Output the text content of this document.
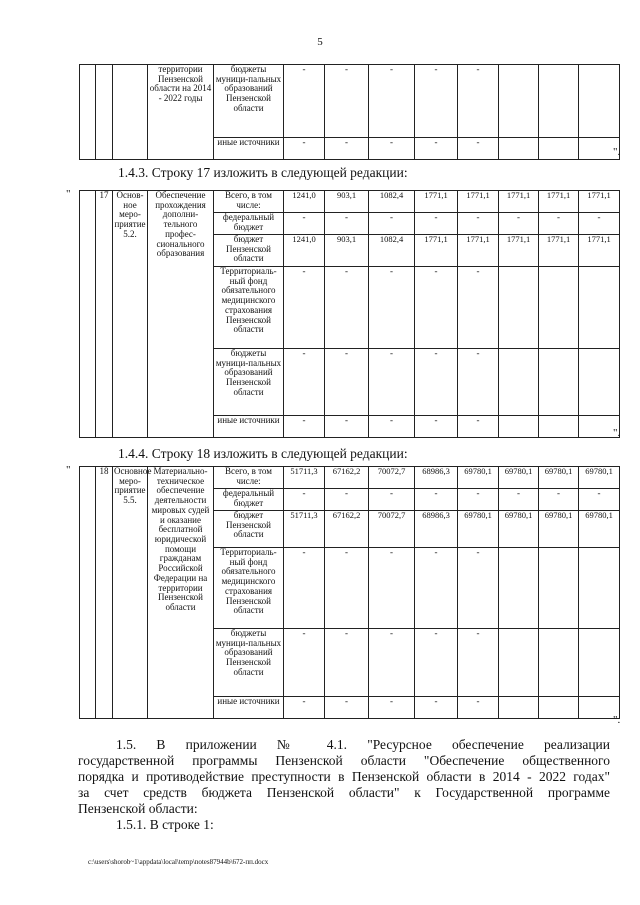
5
			территории Пензенской области на 2014 - 2022 годы	бюджеты муници-пальных образований Пензенской области	-	-	-	-	-			
				иные источники	-	-	-	-	-			
".
1.4.3. Строку 17 изложить в следующей редакции:
"
		17	Основ-ное меро-приятие 5.2.	Обеспечение прохождения дополни-тельного профес-сионального образования	Всего, в том числе:	1241,0	903,1	1082,4	1771,1	1771,1	1771,1	1771,1	1771,1
				федеральный бюджет	-	-	-	-	-	-	-	-
				бюджет Пензенской области	1241,0	903,1	1082,4	1771,1	1771,1	1771,1	1771,1	1771,1
				Территориаль-ный фонд обязательного медицинского страхования Пензенской области	-	-	-	-	-			
				бюджеты муници-пальных образований Пензенской области	-	-	-	-	-			
				иные источники	-	-	-	-	-			
".
1.4.4. Строку 18 изложить в следующей редакции:
"
		18	Основное меро-приятие 5.5.	Материально-техническое обеспечение деятельности мировых судей и оказание бесплатной юридической помощи гражданам Российской Федерации на территории Пензенской области	Всего, в том числе:	51711,3	67162,2	70072,7	68986,3	69780,1	69780,1	69780,1	69780,1
				федеральный бюджет	-	-	-	-	-	-	-	-
				бюджет Пензенской области	51711,3	67162,2	70072,7	68986,3	69780,1	69780,1	69780,1	69780,1
				Территориаль-ный фонд обязательного медицинского страхования Пензенской области	-	-	-	-	-			
				бюджеты муници-пальных образований Пензенской области	-	-	-	-	-			
				иные источники	-	-	-	-	-			
".
1.5. В приложении № 4.1. "Ресурсное обеспечение реализации
государственной программы Пензенской области "Обеспечение общественного
порядка и противодействие преступности в Пензенской области в 2014 - 2022 годах"
за счет средств бюджета Пензенской области" к Государственной программе
Пензенской области:
1.5.1. В строке 1:
c:\users\shorob~1\appdata\local\temp\notes87944b\672-пп.docx
